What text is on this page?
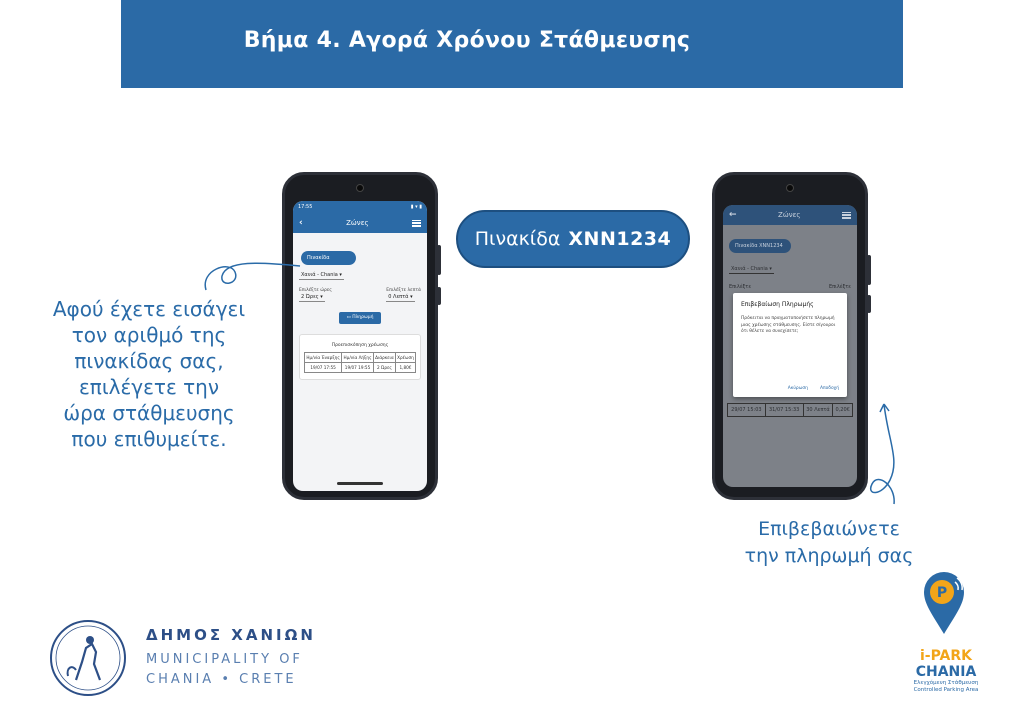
Βήμα 4. Αγορά Χρόνου Στάθμευσης
17:55	▮ ▾ ▮
‹	Ζώνες
Πινακίδα
Χανιά - Chania ▾
Επιλέξτε ώρες
2 Ώρες ▾
Επιλέξτε λεπτά
0 Λεπτά ▾
▭ Πληρωμή
Προεπισκόπηση χρέωσης
Ημ/νία Έναρξης	Ημ/νία Λήξης	Διάρκεια	Χρέωση
19/07 17:55	19/07 19:55	2 Ώρες	1,80€
Πινακίδα XNN1234
←	Ζώνες
Πινακίδα XNN1234
Χανιά - Chania ▾
Επιλέξτε	Επιλέξτε
29/07 15:03	31/07 15:33	30 Λεπτά	0,20€
Επιβεβαίωση Πληρωμής
Πρόκειται να πραγματοποιήσετε πληρωμή μιας χρέωσης στάθμευσης. Είστε σίγουροι ότι θέλετε να συνεχίσετε;
Ακύρωση	Αποδοχή
Αφού έχετε εισάγει
τον αριθμό της
πινακίδας σας,
επιλέγετε την
ώρα στάθμευσης
που επιθυμείτε.
Επιβεβαιώνετε
την πληρωμή σας
ΔΗΜΟΣ ΧΑΝΙΩΝ
MUNICIPALITY OF
CHANIA • CRETE
P
i-PARK
CHANIA
Ελεγχόμενη Στάθμευση
Controlled Parking Area
